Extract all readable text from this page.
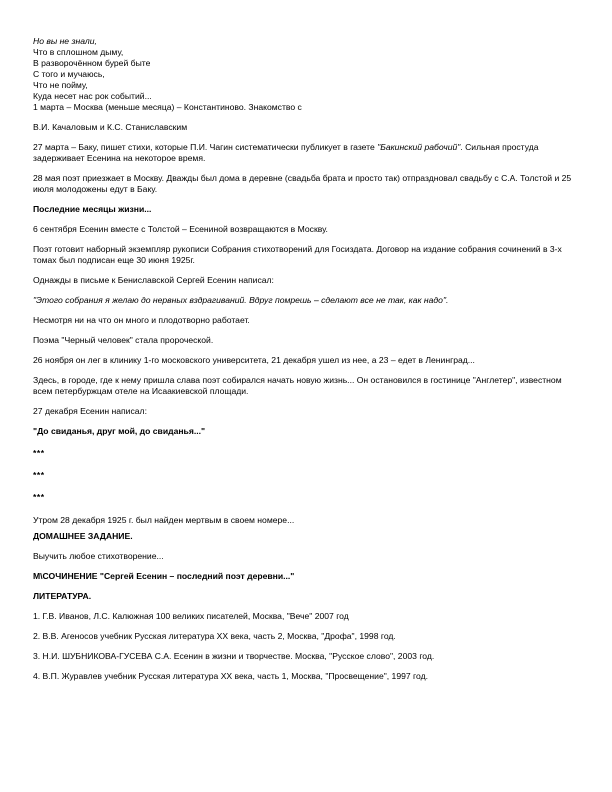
Но вы не знали,
Что в сплошном дыму,
В разворочённом бурей быте
С того и мучаюсь,
Что не пойму,
Куда несет нас рок событий...

1 марта – Москва (меньше месяца) – Константиново. Знакомство с

В.И. Качаловым и К.С. Станиславским

27 марта – Баку, пишет стихи, которые П.И. Чагин систематически публикует в газете "Бакинский рабочий". Сильная простуда задерживает Есенина на некоторое время.

28 мая поэт приезжает в Москву. Дважды был дома в деревне (свадьба брата и просто так) отпраздновал свадьбу с С.А. Толстой и 25 июля молодожены едут в Баку.

Последние месяцы жизни...

6 сентября Есенин вместе с Толстой – Есениной возвращаются в Москву.

Поэт готовит наборный экземпляр рукописи Собрания стихотворений для Госиздата. Договор на издание собрания сочинений в 3-х томах был подписан еще 30 июня 1925г.

Однажды в письме к Бениславской Сергей Есенин написал:

"Этого собрания я желаю до нервных вздрагиваний. Вдруг помрешь – сделают все не так, как надо".

Несмотря ни на что он много и плодотворно работает.

Поэма "Черный человек" стала пророческой.

26 ноября он лег в клинику 1-го московского университета, 21 декабря ушел из нее, а 23 – едет в Ленинград...

Здесь, в городе, где к нему пришла слава поэт собирался начать новую жизнь... Он остановился в гостинице "Англетер", известном всем петербуржцам отеле на Исаакиевской площади.

27 декабря Есенин написал:

"До свиданья, друг мой, до свиданья..."

***
***
***

Утром 28 декабря 1925 г. был найден мертвым в своем номере...

ДОМАШНЕЕ ЗАДАНИЕ.

Выучить любое стихотворение...

М\СОЧИНЕНИЕ "Сергей Есенин – последний поэт деревни..."

ЛИТЕРАТУРА.

1. Г.В. Иванов, Л.С. Калюжная 100 великих писателей, Москва, "Вече" 2007 год

2. В.В. Агеносов учебник Русская литература XX века, часть 2, Москва, "Дрофа", 1998 год.

3. Н.И. ШУБНИКОВА-ГУСЕВА С.А. Есенин в жизни и творчестве. Москва, "Русское слово", 2003 год.

4. В.П. Журавлев учебник Русская литература XX века, часть 1, Москва, "Просвещение", 1997 год.
